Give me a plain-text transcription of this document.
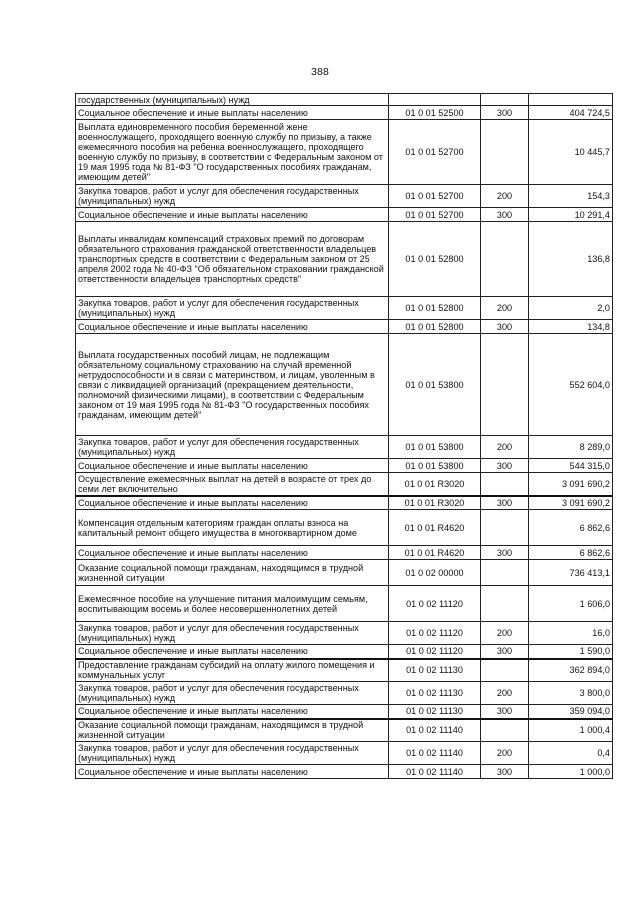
388
государственных (муниципальных) нужд			
Социальное обеспечение и иные выплаты населению	01 0 01 52500	300	404 724,5
Выплата единовременного пособия беременной жене военнослужащего, проходящего военную службу по призыву, а также ежемесячного пособия на ребенка военнослужащего, проходящего военную службу по призыву, в соответствии с Федеральным законом от 19 мая 1995 года № 81-ФЗ "О государственных пособиях гражданам, имеющим детей"	01 0 01 52700		10 445,7
Закупка товаров, работ и услуг для обеспечения государственных (муниципальных) нужд	01 0 01 52700	200	154,3
Социальное обеспечение и иные выплаты населению	01 0 01 52700	300	10 291,4
Выплаты инвалидам компенсаций страховых премий по договорам обязательного страхования гражданской ответственности владельцев транспортных средств в соответствии с Федеральным законом от 25 апреля 2002 года № 40-ФЗ "Об обязательном страховании гражданской ответственности владельцев транспортных средств"	01 0 01 52800		136,8
Закупка товаров, работ и услуг для обеспечения государственных (муниципальных) нужд	01 0 01 52800	200	2,0
Социальное обеспечение и иные выплаты населению	01 0 01 52800	300	134,8
Выплата государственных пособий лицам, не подлежащим обязательному социальному страхованию на случай временной нетрудоспособности и в связи с материнством, и лицам, уволенным в связи с ликвидацией организаций (прекращением деятельности, полномочий физическими лицами), в соответствии с Федеральным законом от 19 мая 1995 года № 81-ФЗ "О государственных пособиях гражданам, имеющим детей"	01 0 01 53800		552 604,0
Закупка товаров, работ и услуг для обеспечения государственных (муниципальных) нужд	01 0 01 53800	200	8 289,0
Социальное обеспечение и иные выплаты населению	01 0 01 53800	300	544 315,0
Осуществление ежемесячных выплат на детей в возрасте от трех до семи лет включительно	01 0 01 R3020		3 091 690,2
Социальное обеспечение и иные выплаты населению	01 0 01 R3020	300	3 091 690,2
Компенсация отдельным категориям граждан оплаты взноса на капитальный ремонт общего имущества в многоквартирном доме	01 0 01 R4620		6 862,6
Социальное обеспечение и иные выплаты населению	01 0 01 R4620	300	6 862,6
Оказание социальной помощи гражданам, находящимся в трудной жизненной ситуации	01 0 02 00000		736 413,1
Ежемесячное пособие на улучшение питания малоимущим семьям, воспитывающим восемь и более несовершеннолетних детей	01 0 02 11120		1 606,0
Закупка товаров, работ и услуг для обеспечения государственных (муниципальных) нужд	01 0 02 11120	200	16,0
Социальное обеспечение и иные выплаты населению	01 0 02 11120	300	1 590,0
Предоставление гражданам субсидий на оплату жилого помещения и коммунальных услуг	01 0 02 11130		362 894,0
Закупка товаров, работ и услуг для обеспечения государственных (муниципальных) нужд	01 0 02 11130	200	3 800,0
Социальное обеспечение и иные выплаты населению	01 0 02 11130	300	359 094,0
Оказание социальной помощи гражданам, находящимся в трудной жизненной ситуации	01 0 02 11140		1 000,4
Закупка товаров, работ и услуг для обеспечения государственных (муниципальных) нужд	01 0 02 11140	200	0,4
Социальное обеспечение и иные выплаты населению	01 0 02 11140	300	1 000,0
